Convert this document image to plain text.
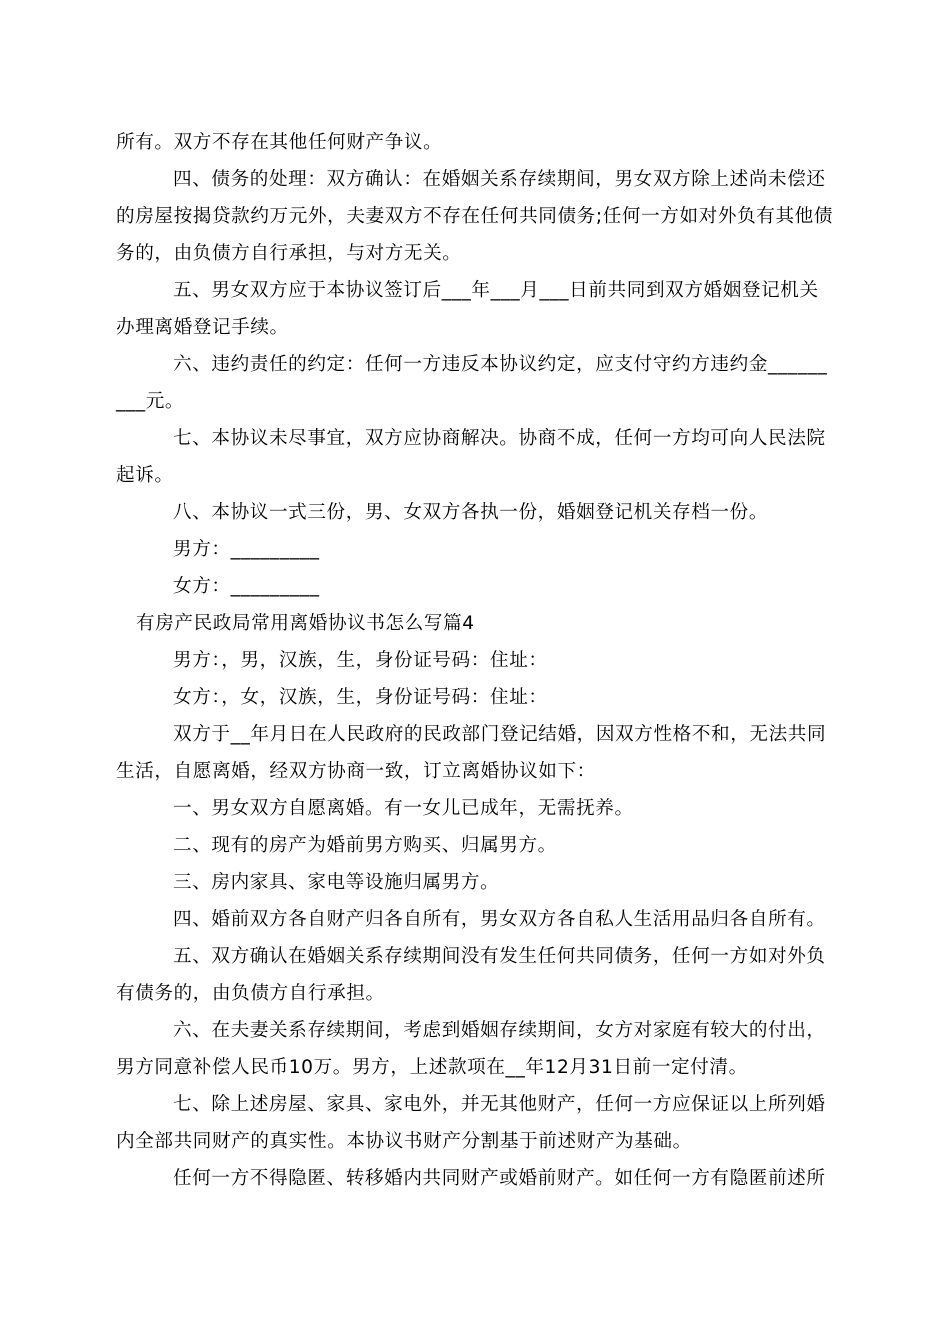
所有。双方不存在其他任何财产争议。

四、债务的处理：双方确认：在婚姻关系存续期间，男女双方除上述尚未偿还的房屋按揭贷款约万元外，夫妻双方不存在任何共同债务;任何一方如对外负有其他债务的，由负债方自行承担，与对方无关。

五、男女双方应于本协议签订后___年___月___日前共同到双方婚姻登记机关办理离婚登记手续。

六、违约责任的约定：任何一方违反本协议约定，应支付守约方违约金_________元。

七、本协议未尽事宜，双方应协商解决。协商不成，任何一方均可向人民法院起诉。

八、本协议一式三份，男、女双方各执一份，婚姻登记机关存档一份。

男方：_________

女方：_________

有房产民政局常用离婚协议书怎么写篇4

男方：，男，汉族，生，身份证号码：住址：

女方：，女，汉族，生，身份证号码：住址：

双方于__年月日在人民政府的民政部门登记结婚，因双方性格不和，无法共同生活，自愿离婚，经双方协商一致，订立离婚协议如下：

一、男女双方自愿离婚。有一女儿已成年，无需抚养。

二、现有的房产为婚前男方购买、归属男方。

三、房内家具、家电等设施归属男方。

四、婚前双方各自财产归各自所有，男女双方各自私人生活用品归各自所有。

五、双方确认在婚姻关系存续期间没有发生任何共同债务，任何一方如对外负有债务的，由负债方自行承担。

六、在夫妻关系存续期间，考虑到婚姻存续期间，女方对家庭有较大的付出，男方同意补偿人民币10万。男方，上述款项在__年12月31日前一定付清。

七、除上述房屋、家具、家电外，并无其他财产，任何一方应保证以上所列婚内全部共同财产的真实性。本协议书财产分割基于前述财产为基础。

任何一方不得隐匿、转移婚内共同财产或婚前财产。如任何一方有隐匿前述所
